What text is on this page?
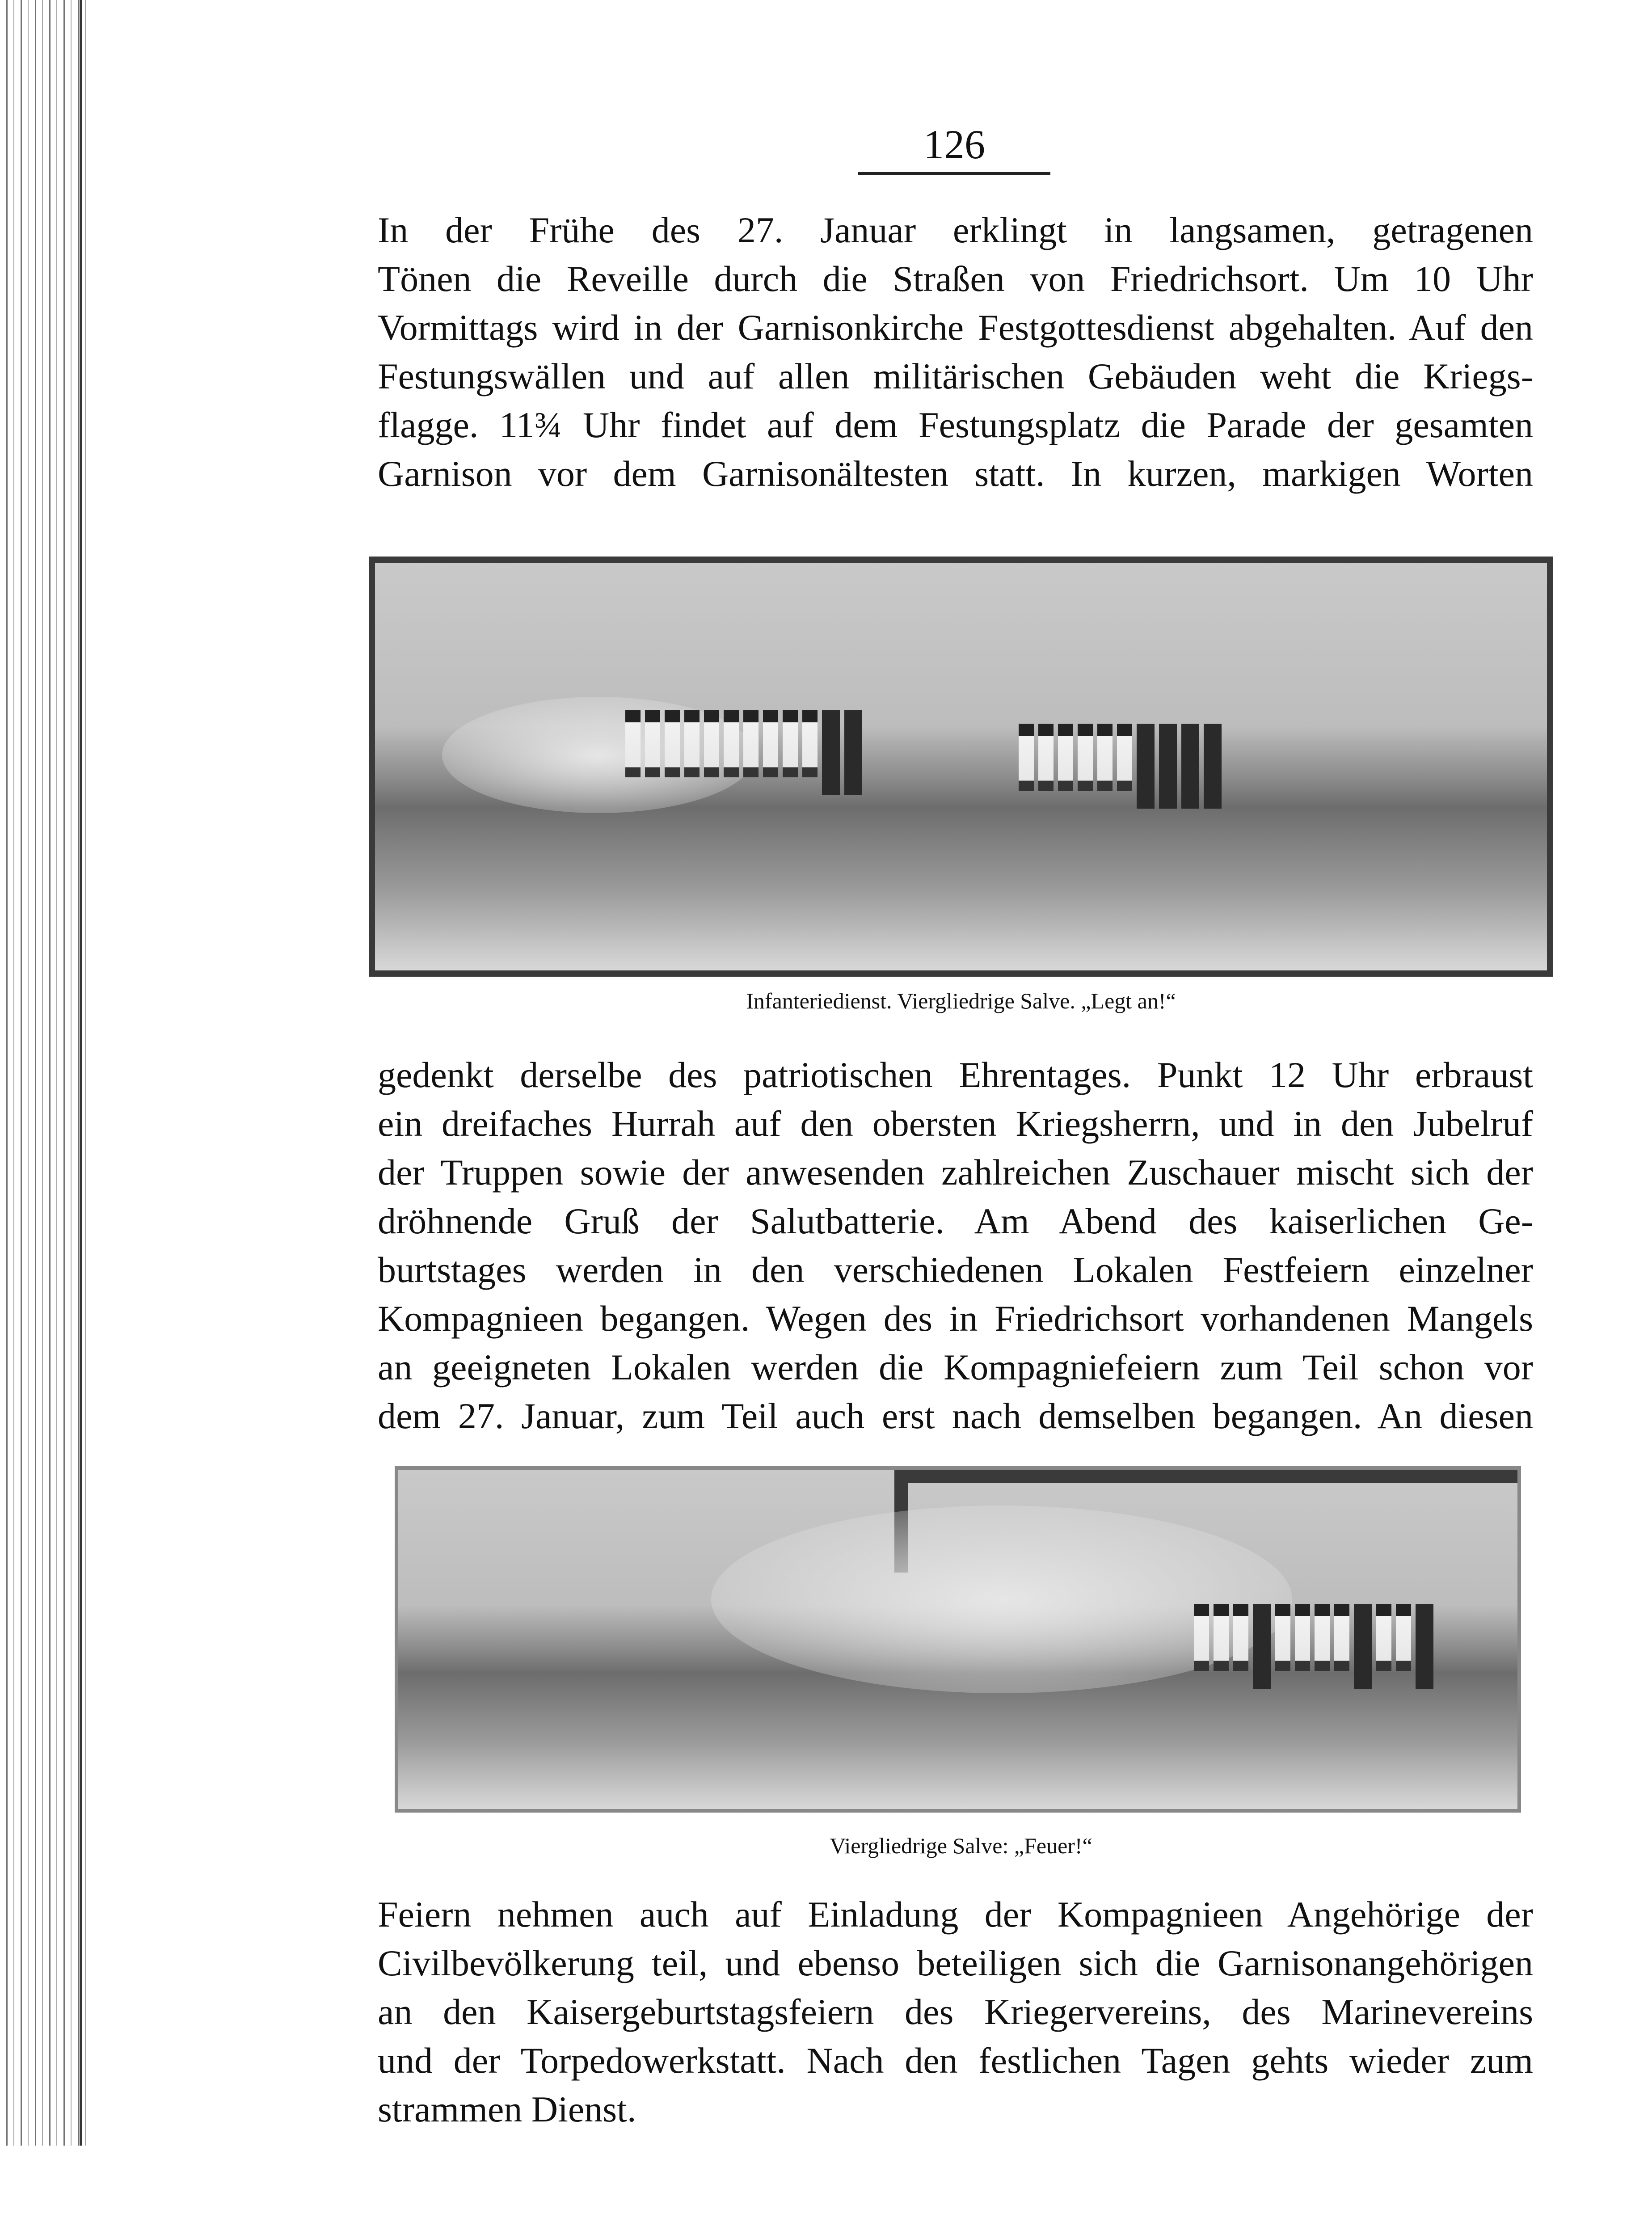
126
In der Frühe des 27. Januar erklingt in langsamen, getragenen
Tönen die Reveille durch die Straßen von Friedrichsort. Um 10 Uhr
Vormittags wird in der Garnisonkirche Festgottesdienst abgehalten. Auf den
Festungswällen und auf allen militärischen Gebäuden weht die Kriegs-
flagge. 11¾ Uhr findet auf dem Festungsplatz die Parade der gesamten
Garnison vor dem Garnisonältesten statt. In kurzen, markigen Worten
Infanteriedienst. Viergliedrige Salve. „Legt an!“
gedenkt derselbe des patriotischen Ehrentages. Punkt 12 Uhr erbraust
ein dreifaches Hurrah auf den obersten Kriegsherrn, und in den Jubelruf
der Truppen sowie der anwesenden zahlreichen Zuschauer mischt sich der
dröhnende Gruß der Salutbatterie. Am Abend des kaiserlichen Ge-
burtstages werden in den verschiedenen Lokalen Festfeiern einzelner
Kompagnieen begangen. Wegen des in Friedrichsort vorhandenen Mangels
an geeigneten Lokalen werden die Kompagniefeiern zum Teil schon vor
dem 27. Januar, zum Teil auch erst nach demselben begangen. An diesen
Viergliedrige Salve: „Feuer!“
Feiern nehmen auch auf Einladung der Kompagnieen Angehörige der
Civilbevölkerung teil, und ebenso beteiligen sich die Garnisonangehörigen
an den Kaisergeburtstagsfeiern des Kriegervereins, des Marinevereins
und der Torpedowerkstatt. Nach den festlichen Tagen gehts wieder zum
strammen Dienst.
